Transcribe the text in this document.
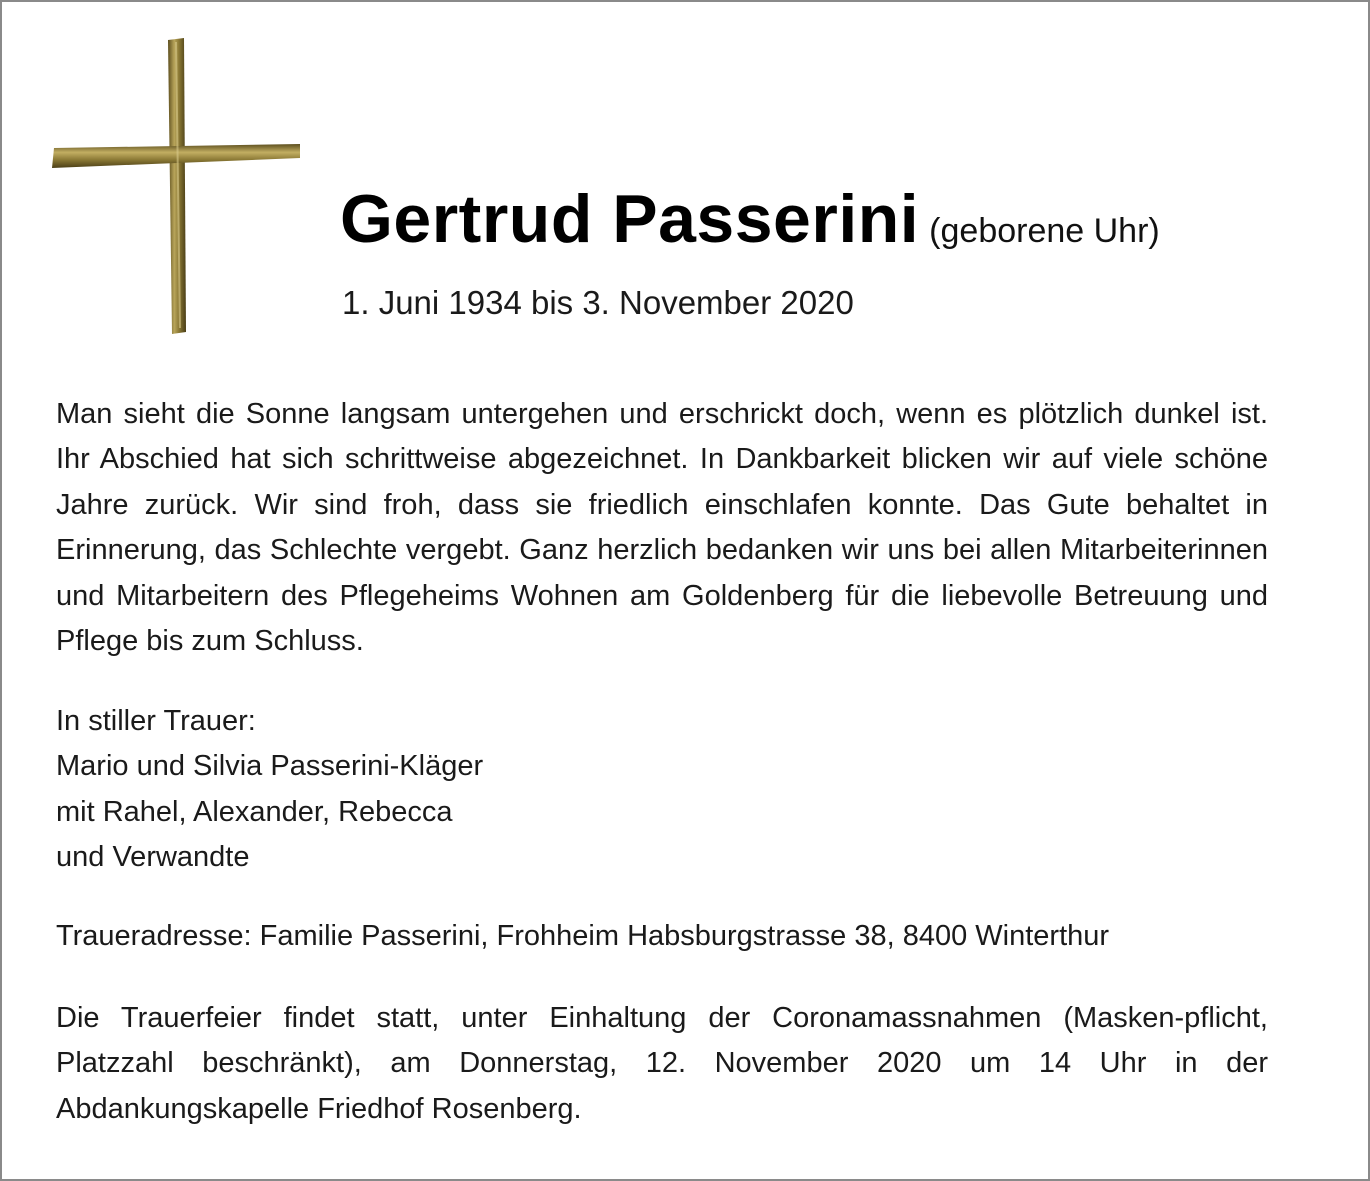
Gertrud Passerini (geborene Uhr)
1. Juni 1934 bis 3. November 2020
Man sieht die Sonne langsam untergehen und erschrickt doch, wenn es plötzlich dunkel ist. Ihr Abschied hat sich schrittweise abgezeichnet. In Dankbarkeit blicken wir auf viele schöne Jahre zurück. Wir sind froh, dass sie friedlich einschlafen konnte. Das Gute behaltet in Erinnerung, das Schlechte vergebt. Ganz herzlich bedanken wir uns bei allen Mitarbeiterinnen und Mitarbeitern des Pflegeheims Wohnen am Goldenberg für die liebevolle Betreuung und Pflege bis zum Schluss.
In stiller Trauer:
Mario und Silvia Passerini-Kläger
mit Rahel, Alexander, Rebecca
und Verwandte
Traueradresse: Familie Passerini, Frohheim Habsburgstrasse 38, 8400 Winterthur
Die Trauerfeier findet statt, unter Einhaltung der Coronamassnahmen (Masken-pflicht, Platzzahl beschränkt), am Donnerstag, 12. November 2020 um 14 Uhr in der Abdankungskapelle Friedhof Rosenberg.
